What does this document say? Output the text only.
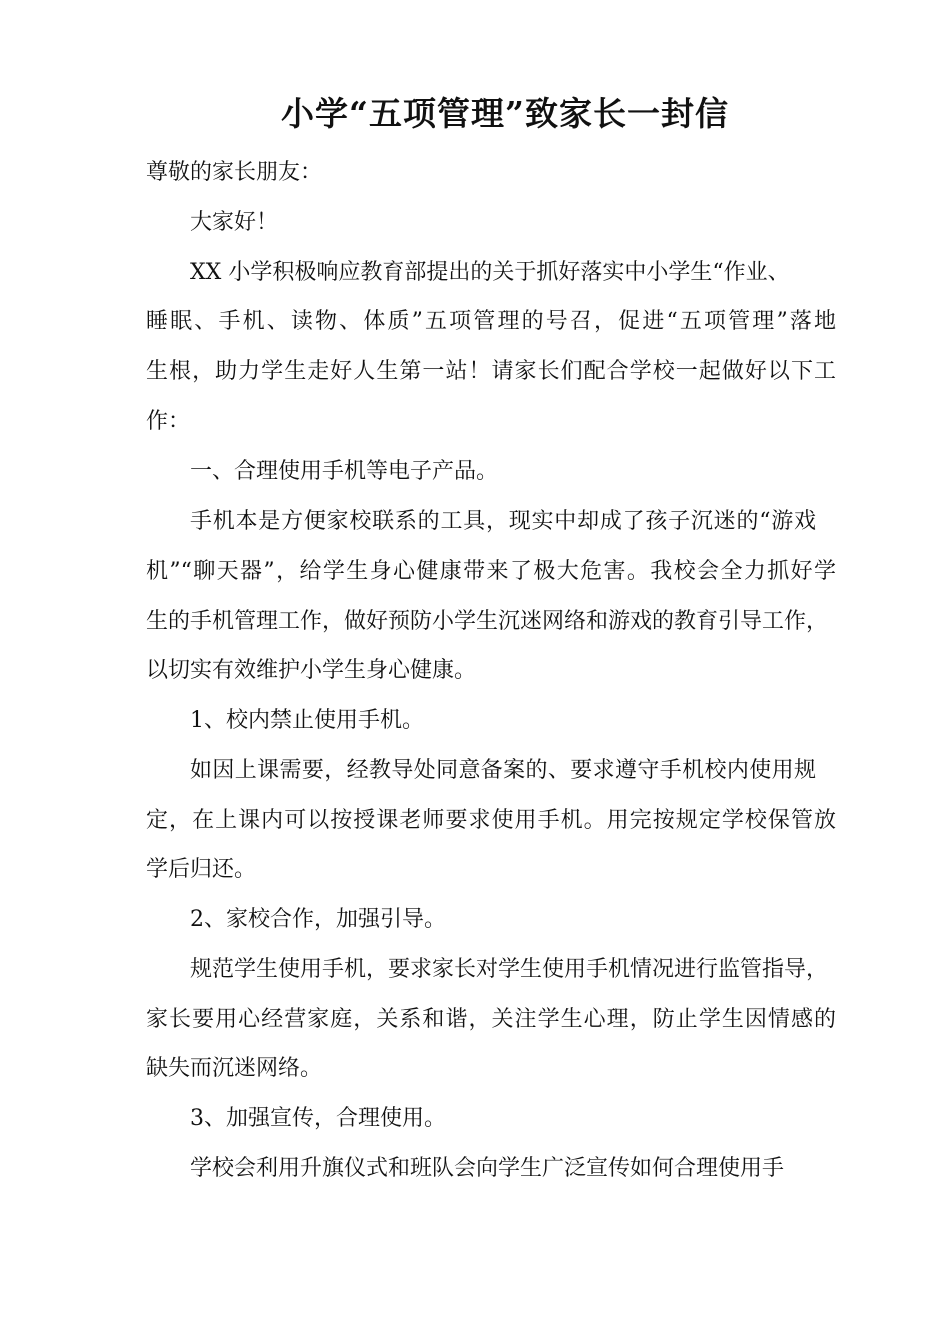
小学“五项管理”致家长一封信
尊敬的家长朋友：
大家好！
XX 小学积极响应教育部提出的关于抓好落实中小学生“作业、
睡眠、手机、读物、体质”五项管理的号召，促进“五项管理”落地
生根，助力学生走好人生第一站！请家长们配合学校一起做好以下工
作：
一、合理使用手机等电子产品。
手机本是方便家校联系的工具，现实中却成了孩子沉迷的“游戏
机”“聊天器”，给学生身心健康带来了极大危害。我校会全力抓好学
生的手机管理工作，做好预防小学生沉迷网络和游戏的教育引导工作，
以切实有效维护小学生身心健康。
1、校内禁止使用手机。
如因上课需要，经教导处同意备案的、要求遵守手机校内使用规
定，在上课内可以按授课老师要求使用手机。用完按规定学校保管放
学后归还。
2、家校合作，加强引导。
规范学生使用手机，要求家长对学生使用手机情况进行监管指导，
家长要用心经营家庭，关系和谐，关注学生心理，防止学生因情感的
缺失而沉迷网络。
3、加强宣传，合理使用。
学校会利用升旗仪式和班队会向学生广泛宣传如何合理使用手
